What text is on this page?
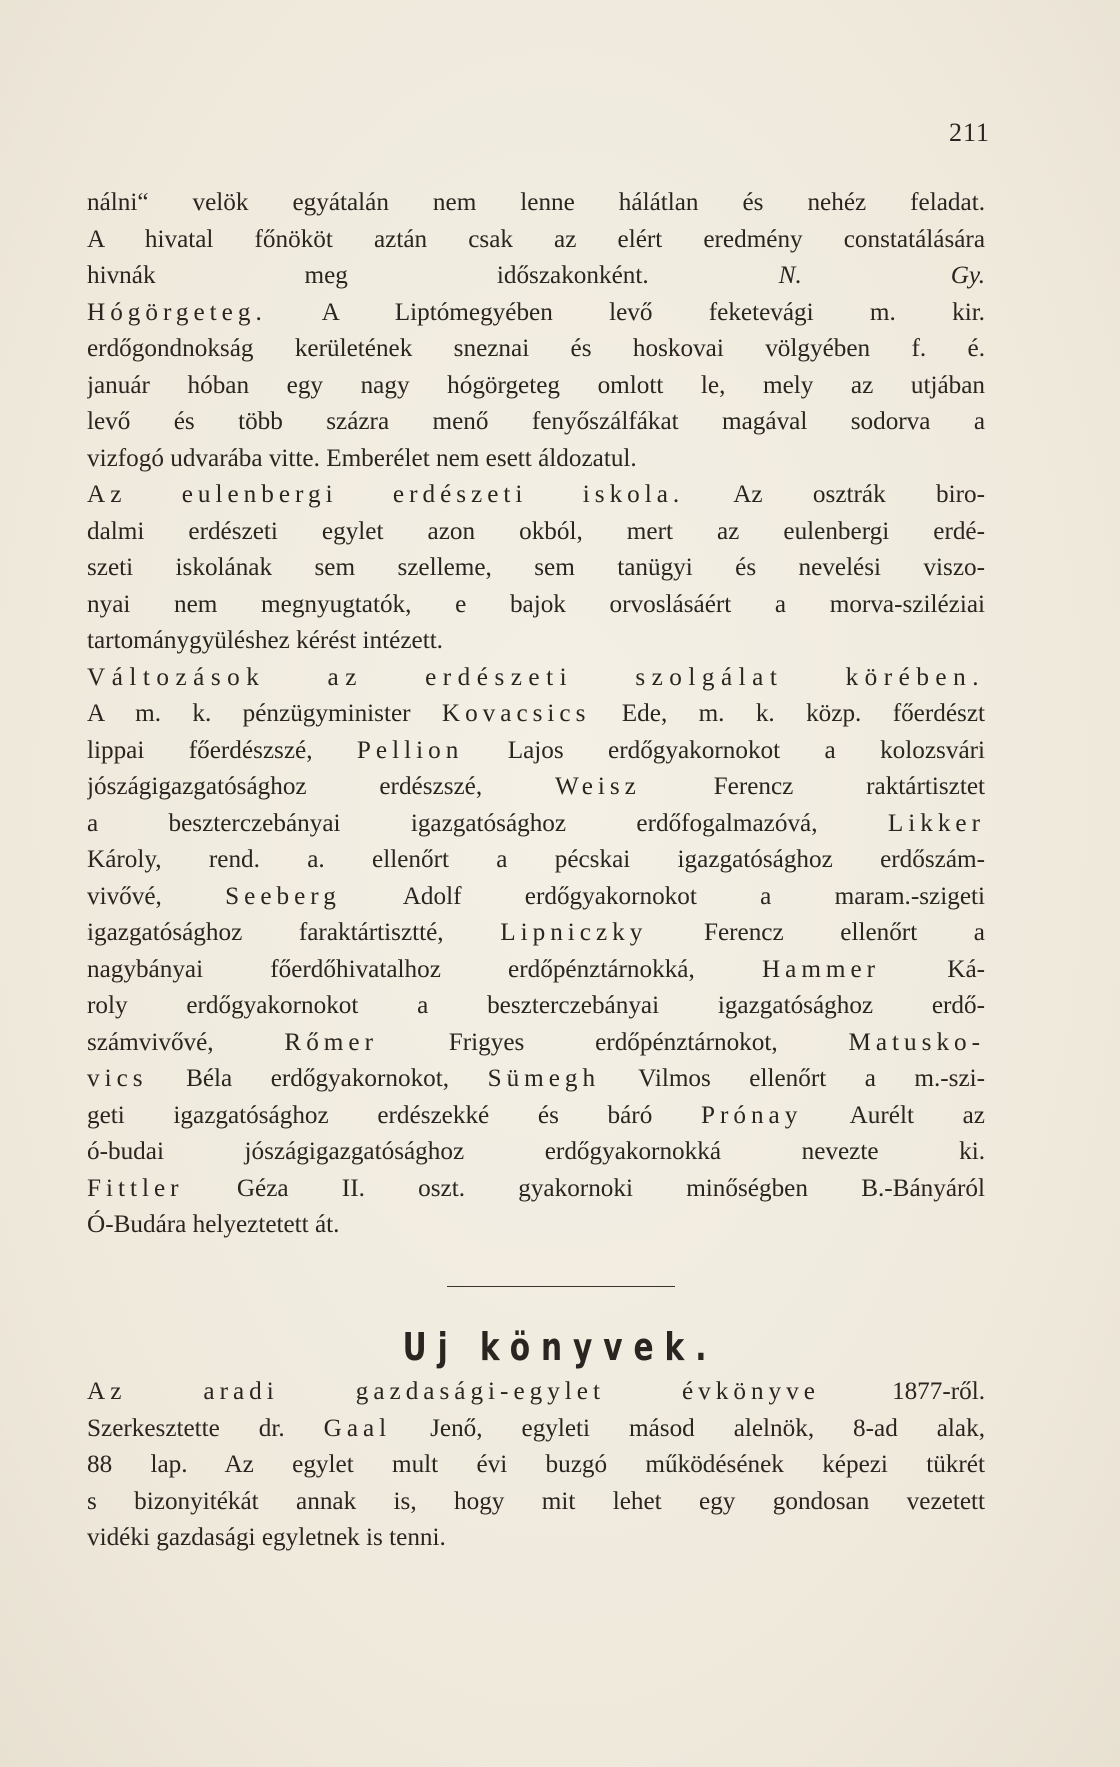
211
nálni“ velök egyátalán nem lenne hálátlan és nehéz feladat.
A hivatal főnököt aztán csak az elért eredmény constatálására
hivnák meg időszakonként.	N. Gy.
Hógörgeteg. A Liptómegyében levő feketevági m. kir.
erdőgondnokság kerületének sneznai és hoskovai völgyében f. é.
január hóban egy nagy hógörgeteg omlott le, mely az utjában
levő és több százra menő fenyőszálfákat magával sodorva a
vizfogó udvarába vitte. Emberélet nem esett áldozatul.
Az eulenbergi erdészeti iskola. Az osztrák biro-
dalmi erdészeti egylet azon okból, mert az eulenbergi erdé-
szeti iskolának sem szelleme, sem tanügyi és nevelési viszo-
nyai nem megnyugtatók, e bajok orvoslásáért a morva-sziléziai
tartománygyüléshez kérést intézett.
Változások az erdészeti szolgálat körében.
A m. k. pénzügyminister Kovacsics Ede, m. k. közp. főerdészt
lippai főerdészszé, Pellion Lajos erdőgyakornokot a kolozsvári
jószágigazgatósághoz erdészszé,	Weisz	Ferencz raktártisztet
a beszterczebányai igazgatósághoz erdőfogalmazóvá,	Likker
Károly, rend. a. ellenőrt a pécskai igazgatósághoz erdőszám-
vivővé,	Seeberg Adolf erdőgyakornokot a maram.-szigeti
igazgatósághoz faraktártisztté, Lipniczky Ferencz ellenőrt a
nagybányai főerdőhivatalhoz erdőpénztárnokká,	Hammer	Ká-
roly erdőgyakornokot a beszterczebányai igazgatósághoz erdő-
számvivővé,	Rőmer	Frigyes erdőpénztárnokot,	Matusko-
vics Béla erdőgyakornokot, Sümegh Vilmos ellenőrt a m.-szi-
geti igazgatósághoz erdészekké és báró Prónay Aurélt az
ó-budai jószágigazgatósághoz erdőgyakornokká nevezte ki.
Fittler Géza II. oszt. gyakornoki minőségben B.-Bányáról
Ó-Budára helyeztetett át.
Uj könyvek.
Az aradi gazdasági-egylet évkönyve	1877-ről.
Szerkesztette dr. Gaal Jenő, egyleti másod alelnök, 8-ad alak,
88 lap. Az egylet mult évi buzgó működésének képezi tükrét
s bizonyitékát annak is, hogy mit lehet egy gondosan vezetett
vidéki gazdasági egyletnek is tenni.
